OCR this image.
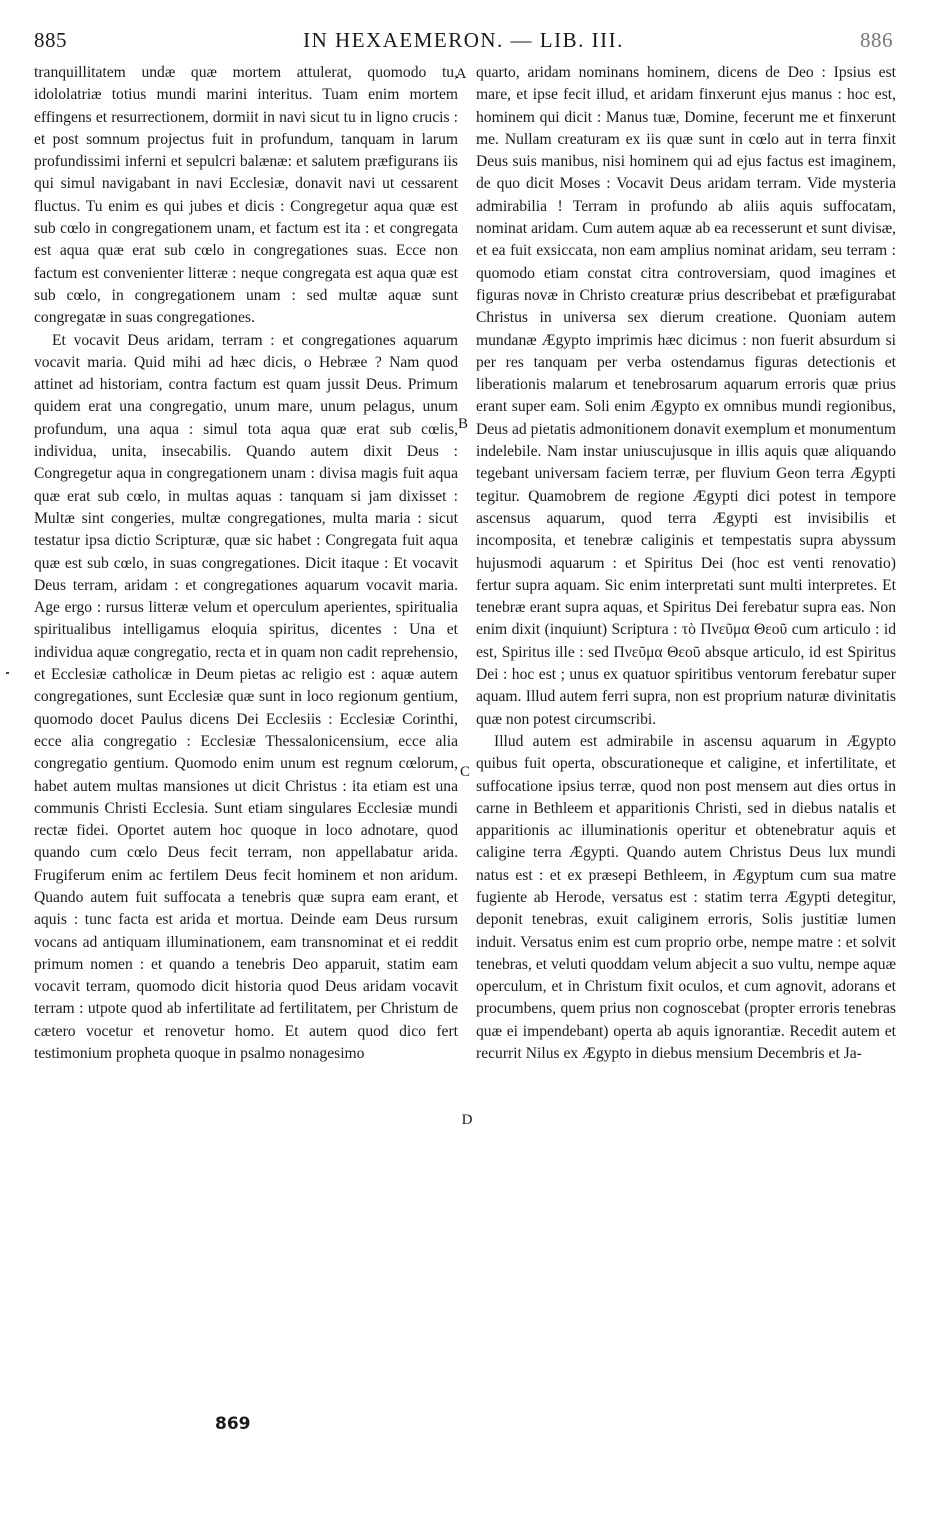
885	IN HEXAEMERON. — LIB. III.	886
A
B
C
D

tranquillitatem undæ quæ mortem attulerat, quomodo tu, idololatriæ totius mundi marini interitus. Tuam enim mortem effingens et resurrectionem, dormiit in navi sicut tu in ligno crucis : et post somnum projectus fuit in profundum, tanquam in larum profundissimi inferni et sepulcri balænæ: et salutem præfigurans iis qui simul navigabant in navi Ecclesiæ, donavit navi ut cessarent fluctus. Tu enim es qui jubes et dicis : Congregetur aqua quæ est sub cœlo in congregationem unam, et factum est ita : et congregata est aqua quæ erat sub cœlo in congregationes suas. Ecce non factum est convenienter litteræ : neque congregata est aqua quæ est sub cœlo, in congregationem unam : sed multæ aquæ sunt congregatæ in suas congregationes.

Et vocavit Deus aridam, terram : et congregationes aquarum vocavit maria. Quid mihi ad hæc dicis, o Hebræe ? Nam quod attinet ad historiam, contra factum est quam jussit Deus. Primum quidem erat una congregatio, unum mare, unum pelagus, unum profundum, una aqua : simul tota aqua quæ erat sub cœlis, individua, unita, insecabilis. Quando autem dixit Deus : Congregetur aqua in congregationem unam : divisa magis fuit aqua quæ erat sub cœlo, in multas aquas : tanquam si jam dixisset : Multæ sint congeries, multæ congregationes, multa maria : sicut testatur ipsa dictio Scripturæ, quæ sic habet : Congregata fuit aqua quæ est sub cœlo, in suas congregationes. Dicit itaque : Et vocavit Deus terram, aridam : et congregationes aquarum vocavit maria. Age ergo : rursus litteræ velum et operculum aperientes, spiritualia spiritualibus intelligamus eloquia spiritus, dicentes : Una et individua aquæ congregatio, recta et in quam non cadit reprehensio, et Ecclesiæ catholicæ in Deum pietas ac religio est : aquæ autem congregationes, sunt Ecclesiæ quæ sunt in loco regionum gentium, quomodo docet Paulus dicens Dei Ecclesiis : Ecclesiæ Corinthi, ecce alia congregatio : Ecclesiæ Thessalonicensium, ecce alia congregatio gentium. Quomodo enim unum est regnum cœlorum, habet autem multas mansiones ut dicit Christus : ita etiam est una communis Christi Ecclesia. Sunt etiam singulares Ecclesiæ mundi rectæ fidei. Oportet autem hoc quoque in loco adnotare, quod quando cum cœlo Deus fecit terram, non appellabatur arida. Frugiferum enim ac fertilem Deus fecit hominem et non aridum. Quando autem fuit suffocata a tenebris quæ supra eam erant, et aquis : tunc facta est arida et mortua. Deinde eam Deus rursum vocans ad antiquam illuminationem, eam transnominat et ei reddit primum nomen : et quando a tenebris Deo apparuit, statim eam vocavit terram, quomodo dicit historia quod Deus aridam vocavit terram : utpote quod ab infertilitate ad fertilitatem, per Christum de cætero vocetur et renovetur homo. Et autem quod dico fert testimonium propheta quoque in psalmo nonagesimo

quarto, aridam nominans hominem, dicens de Deo : Ipsius est mare, et ipse fecit illud, et aridam finxerunt ejus manus : hoc est, hominem qui dicit : Manus tuæ, Domine, fecerunt me et finxerunt me. Nullam creaturam ex iis quæ sunt in cœlo aut in terra finxit Deus suis manibus, nisi hominem qui ad ejus factus est imaginem, de quo dicit Moses : Vocavit Deus aridam terram. Vide mysteria admirabilia ! Terram in profundo ab aliis aquis suffocatam, nominat aridam. Cum autem aquæ ab ea recesserunt et sunt divisæ, et ea fuit exsiccata, non eam amplius nominat aridam, seu terram : quomodo etiam constat citra controversiam, quod imagines et figuras novæ in Christo creaturæ prius describebat et præfigurabat Christus in universa sex dierum creatione. Quoniam autem mundanæ Ægypto imprimis hæc dicimus : non fuerit absurdum si per res tanquam per verba ostendamus figuras detectionis et liberationis malarum et tenebrosarum aquarum erroris quæ prius erant super eam. Soli enim Ægypto ex omnibus mundi regionibus, Deus ad pietatis admonitionem donavit exemplum et monumentum indelebile. Nam instar uniuscujusque in illis aquis quæ aliquando tegebant universam faciem terræ, per fluvium Geon terra Ægypti tegitur. Quamobrem de regione Ægypti dici potest in tempore ascensus aquarum, quod terra Ægypti est invisibilis et incomposita, et tenebræ caliginis et tempestatis supra abyssum hujusmodi aquarum : et Spiritus Dei (hoc est venti renovatio) fertur supra aquam. Sic enim interpretati sunt multi interpretes. Et tenebræ erant supra aquas, et Spiritus Dei ferebatur supra eas. Non enim dixit (inquiunt) Scriptura : τὸ Πνεῦμα Θεοῦ cum articulo : id est, Spiritus ille : sed Πνεῦμα Θεοῦ absque articulo, id est Spiritus Dei : hoc est ; unus ex quatuor spiritibus ventorum ferebatur super aquam. Illud autem ferri supra, non est proprium naturæ divinitatis quæ non potest circumscribi.

Illud autem est admirabile in ascensu aquarum in Ægypto quibus fuit operta, obscurationeque et caligine, et infertilitate, et suffocatione ipsius terræ, quod non post mensem aut dies ortus in carne in Bethleem et apparitionis Christi, sed in diebus natalis et apparitionis ac illuminationis operitur et obtenebratur aquis et caligine terra Ægypti. Quando autem Christus Deus lux mundi natus est : et ex præsepi Bethleem, in Ægyptum cum sua matre fugiente ab Herode, versatus est : statim terra Ægypti detegitur, deponit tenebras, exuit caliginem erroris, Solis justitiæ lumen induit. Versatus enim est cum proprio orbe, nempe matre : et solvit tenebras, et veluti quoddam velum abjecit a suo vultu, nempe aquæ operculum, et in Christum fixit oculos, et cum agnovit, adorans et procumbens, quem prius non cognoscebat (propter erroris tenebras quæ ei impendebant) operta ab aquis ignorantiæ. Recedit autem et recurrit Nilus ex Ægypto in diebus mensium Decembris et Ja-

869
